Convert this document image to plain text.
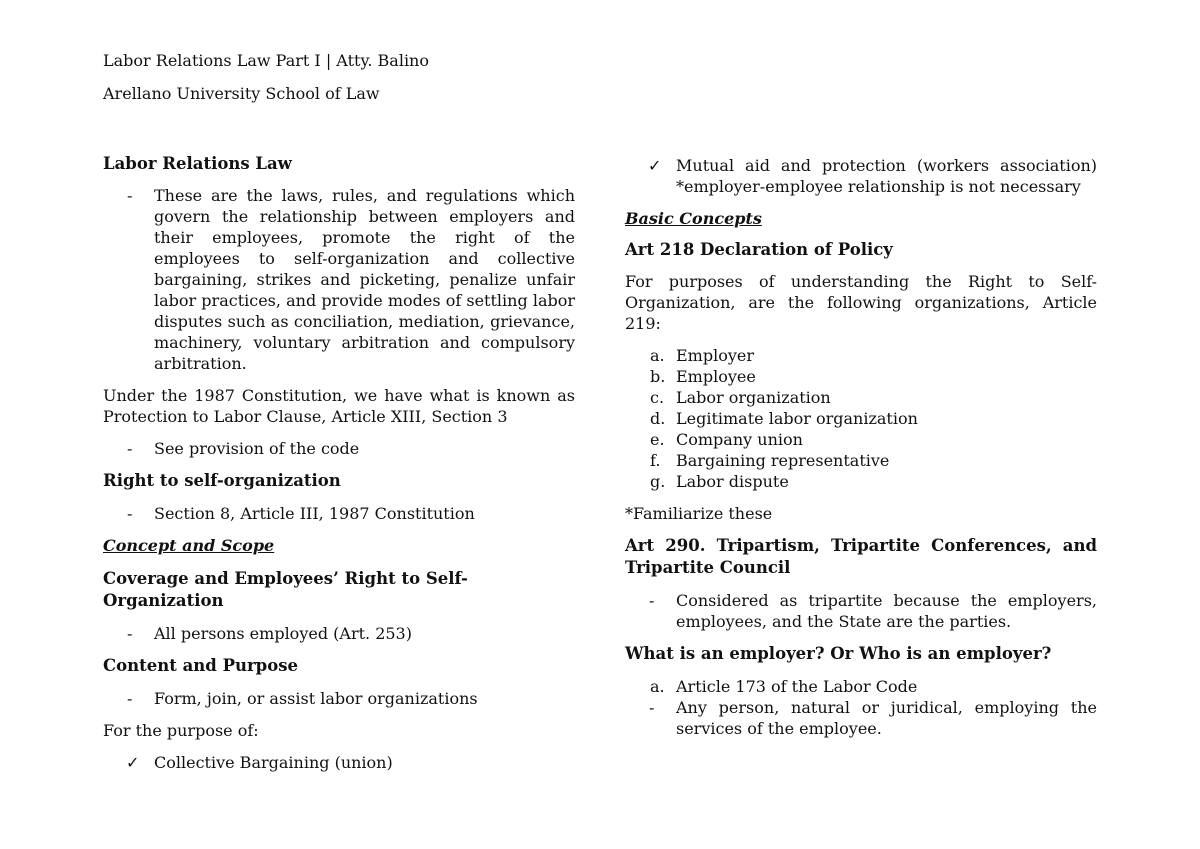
Labor Relations Law Part I | Atty. Balino
Arellano University School of Law

Labor Relations Law

- These are the laws, rules, and regulations which govern the relationship between employers and their employees, promote the right of the employees to self-organization and collective bargaining, strikes and picketing, penalize unfair labor practices, and provide modes of settling labor disputes such as conciliation, mediation, grievance, machinery, voluntary arbitration and compulsory arbitration.

Under the 1987 Constitution, we have what is known as Protection to Labor Clause, Article XIII, Section 3

- See provision of the code

Right to self-organization

- Section 8, Article III, 1987 Constitution

Concept and Scope

Coverage and Employees’ Right to Self-Organization

- All persons employed (Art. 253)

Content and Purpose

- Form, join, or assist labor organizations

For the purpose of:

✓ Collective Bargaining (union)
✓ Mutual aid and protection (workers association) *employer-employee relationship is not necessary

Basic Concepts

Art 218 Declaration of Policy

For purposes of understanding the Right to Self-Organization, are the following organizations, Article 219:

a. Employer
b. Employee
c. Labor organization
d. Legitimate labor organization
e. Company union
f. Bargaining representative
g. Labor dispute

*Familiarize these

Art 290. Tripartism, Tripartite Conferences, and Tripartite Council

- Considered as tripartite because the employers, employees, and the State are the parties.

What is an employer? Or Who is an employer?

a. Article 173 of the Labor Code
- Any person, natural or juridical, employing the services of the employee.
